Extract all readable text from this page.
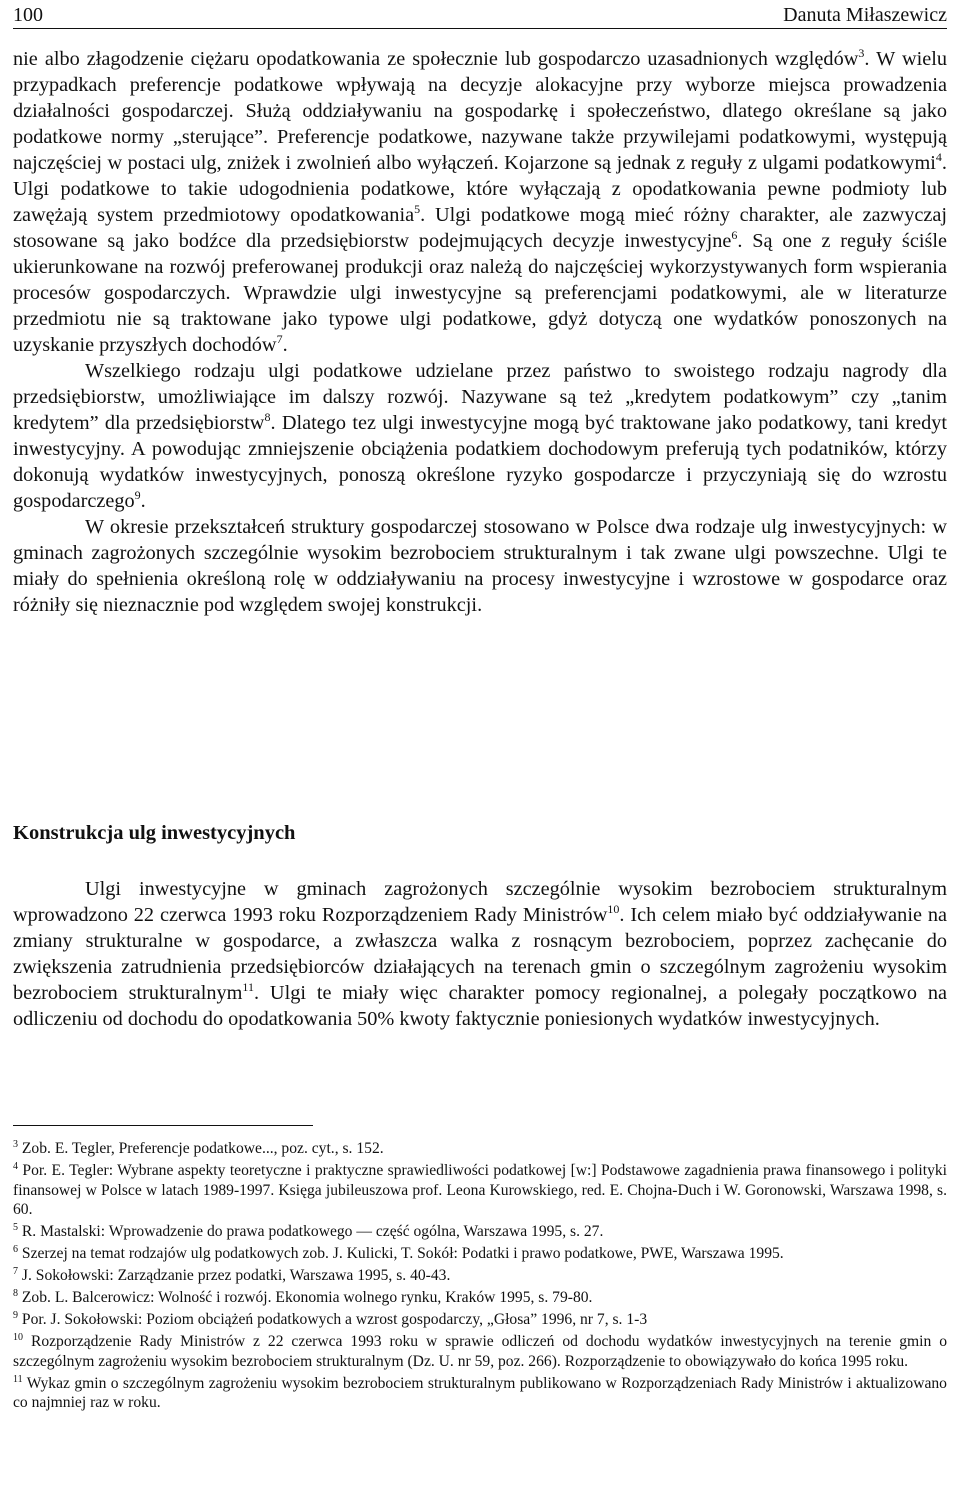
100	Danuta Miłaszewicz

nie albo złagodzenie ciężaru opodatkowania ze społecznie lub gospodarczo uzasadnionych względów$^3$. W wielu przypadkach preferencje podatkowe wpływają na decyzje alokacyjne przy wyborze miejsca prowadzenia działalności gospodarczej. Służą oddziaływaniu na gospodarkę i społeczeństwo, dlatego określane są jako podatkowe normy „sterujące”. Preferencje podatkowe, nazywane także przywilejami podatkowymi, występują najczęściej w postaci ulg, zniżek i zwolnień albo wyłączeń. Kojarzone są jednak z reguły z ulgami podatkowymi$^4$. Ulgi podatkowe to takie udogodnienia podatkowe, które wyłączają z opodatkowania pewne podmioty lub zawężają system przedmiotowy opodatkowania$^5$. Ulgi podatkowe mogą mieć różny charakter, ale zazwyczaj stosowane są jako bodźce dla przedsiębiorstw podejmujących decyzje inwestycyjne$^6$. Są one z reguły ściśle ukierunkowane na rozwój preferowanej produkcji oraz należą do najczęściej wykorzystywanych form wspierania procesów gospodarczych. Wprawdzie ulgi inwestycyjne są preferencjami podatkowymi, ale w literaturze przedmiotu nie są traktowane jako typowe ulgi podatkowe, gdyż dotyczą one wydatków ponoszonych na uzyskanie przyszłych dochodów$^7$.

Wszelkiego rodzaju ulgi podatkowe udzielane przez państwo to swoistego rodzaju nagrody dla przedsiębiorstw, umożliwiające im dalszy rozwój. Nazywane są też „kredytem podatkowym” czy „tanim kredytem” dla przedsiębiorstw$^8$. Dlatego tez ulgi inwestycyjne mogą być traktowane jako podatkowy, tani kredyt inwestycyjny. A powodując zmniejszenie obciążenia podatkiem dochodowym preferują tych podatników, którzy dokonują wydatków inwestycyjnych, ponoszą określone ryzyko gospodarcze i przyczyniają się do wzrostu gospodarczego$^9$.

W okresie przekształceń struktury gospodarczej stosowano w Polsce dwa rodzaje ulg inwestycyjnych: w gminach zagrożonych szczególnie wysokim bezrobociem strukturalnym i tak zwane ulgi powszechne. Ulgi te miały do spełnienia określoną rolę w oddziaływaniu na procesy inwestycyjne i wzrostowe w gospodarce oraz różniły się nieznacznie pod względem swojej konstrukcji.

Konstrukcja ulg inwestycyjnych

Ulgi inwestycyjne w gminach zagrożonych szczególnie wysokim bezrobociem strukturalnym wprowadzono 22 czerwca 1993 roku Rozporządzeniem Rady Ministrów$^{10}$. Ich celem miało być oddziaływanie na zmiany strukturalne w gospodarce, a zwłaszcza walka z rosnącym bezrobociem, poprzez zachęcanie do zwiększenia zatrudnienia przedsiębiorców działających na terenach gmin o szczególnym zagrożeniu wysokim bezrobociem strukturalnym$^{11}$. Ulgi te miały więc charakter pomocy regionalnej, a polegały początkowo na odliczeniu od dochodu do opodatkowania 50% kwoty faktycznie poniesionych wydatków inwestycyjnych.

$^3$ Zob. E. Tegler, Preferencje podatkowe..., poz. cyt., s. 152.

$^4$ Por. E. Tegler: Wybrane aspekty teoretyczne i praktyczne sprawiedliwości podatkowej [w:] Podstawowe zagadnienia prawa finansowego i polityki finansowej w Polsce w latach 1989-1997. Księga jubileuszowa prof. Leona Kurowskiego, red. E. Chojna-Duch i W. Goronowski, Warszawa 1998, s. 60.

$^5$ R. Mastalski: Wprowadzenie do prawa podatkowego — część ogólna, Warszawa 1995, s. 27.

$^6$ Szerzej na temat rodzajów ulg podatkowych zob. J. Kulicki, T. Sokół: Podatki i prawo podatkowe, PWE, Warszawa 1995.

$^7$ J. Sokołowski: Zarządzanie przez podatki, Warszawa 1995, s. 40-43.

$^8$ Zob. L. Balcerowicz: Wolność i rozwój. Ekonomia wolnego rynku, Kraków 1995, s. 79-80.

$^9$ Por. J. Sokołowski: Poziom obciążeń podatkowych a wzrost gospodarczy, „Głosa” 1996, nr 7, s. 1-3

$^{10}$ Rozporządzenie Rady Ministrów z 22 czerwca 1993 roku w sprawie odliczeń od dochodu wydatków inwestycyjnych na terenie gmin o szczególnym zagrożeniu wysokim bezrobociem strukturalnym (Dz. U. nr 59, poz. 266). Rozporządzenie to obowiązywało do końca 1995 roku.

$^{11}$ Wykaz gmin o szczególnym zagrożeniu wysokim bezrobociem strukturalnym publikowano w Rozporządzeniach Rady Ministrów i aktualizowano co najmniej raz w roku.
